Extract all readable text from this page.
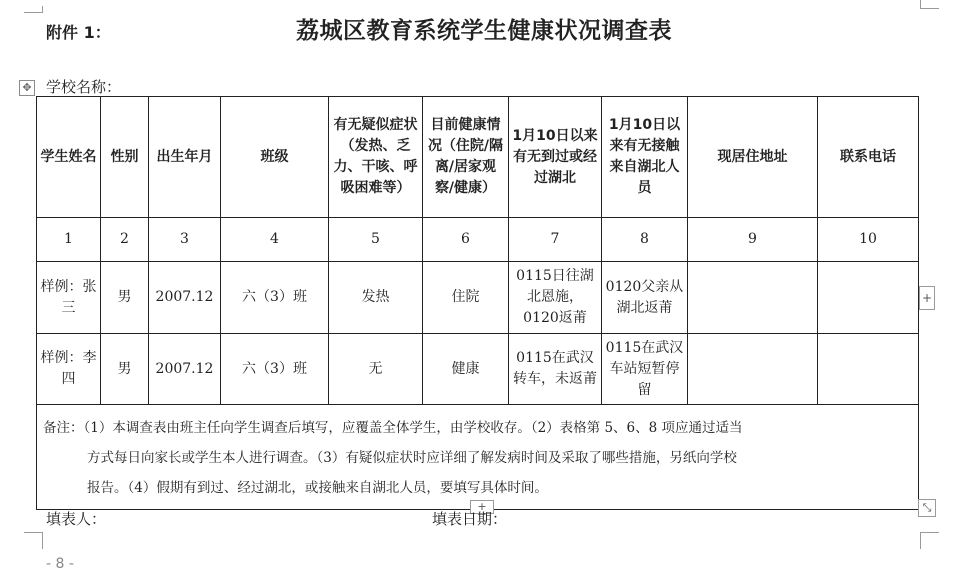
附件 1：	荔城区教育系统学生健康状况调查表
✥ 学校名称：
学生姓名	性别	出生年月	班级	有无疑似症状（发热、乏力、干咳、呼吸困难等）	目前健康情况（住院/隔离/居家观察/健康）	1月10日以来有无到过或经过湖北	1月10日以来有无接触来自湖北人员	现居住地址	联系电话
1	2	3	4	5	6	7	8	9	10
样例：张三	男	2007.12	六（3）班	发热	住院	0115日往湖北恩施，0120返莆	0120父亲从湖北返莆		
样例：李四	男	2007.12	六（3）班	无	健康	0115在武汉转车，未返莆	0115在武汉车站短暂停留		

备注：（1）本调查表由班主任向学生调查后填写，应覆盖全体学生，由学校收存。（2）表格第 5、6、8 项应通过适当
方式每日向家长或学生本人进行调查。（3）有疑似症状时应详细了解发病时间及采取了哪些措施，另纸向学校
报告。（4）假期有到过、经过湖北，或接触来自湖北人员，要填写具体时间。									
+
+	⤡
填表人：	填表日期：
- 8 -
